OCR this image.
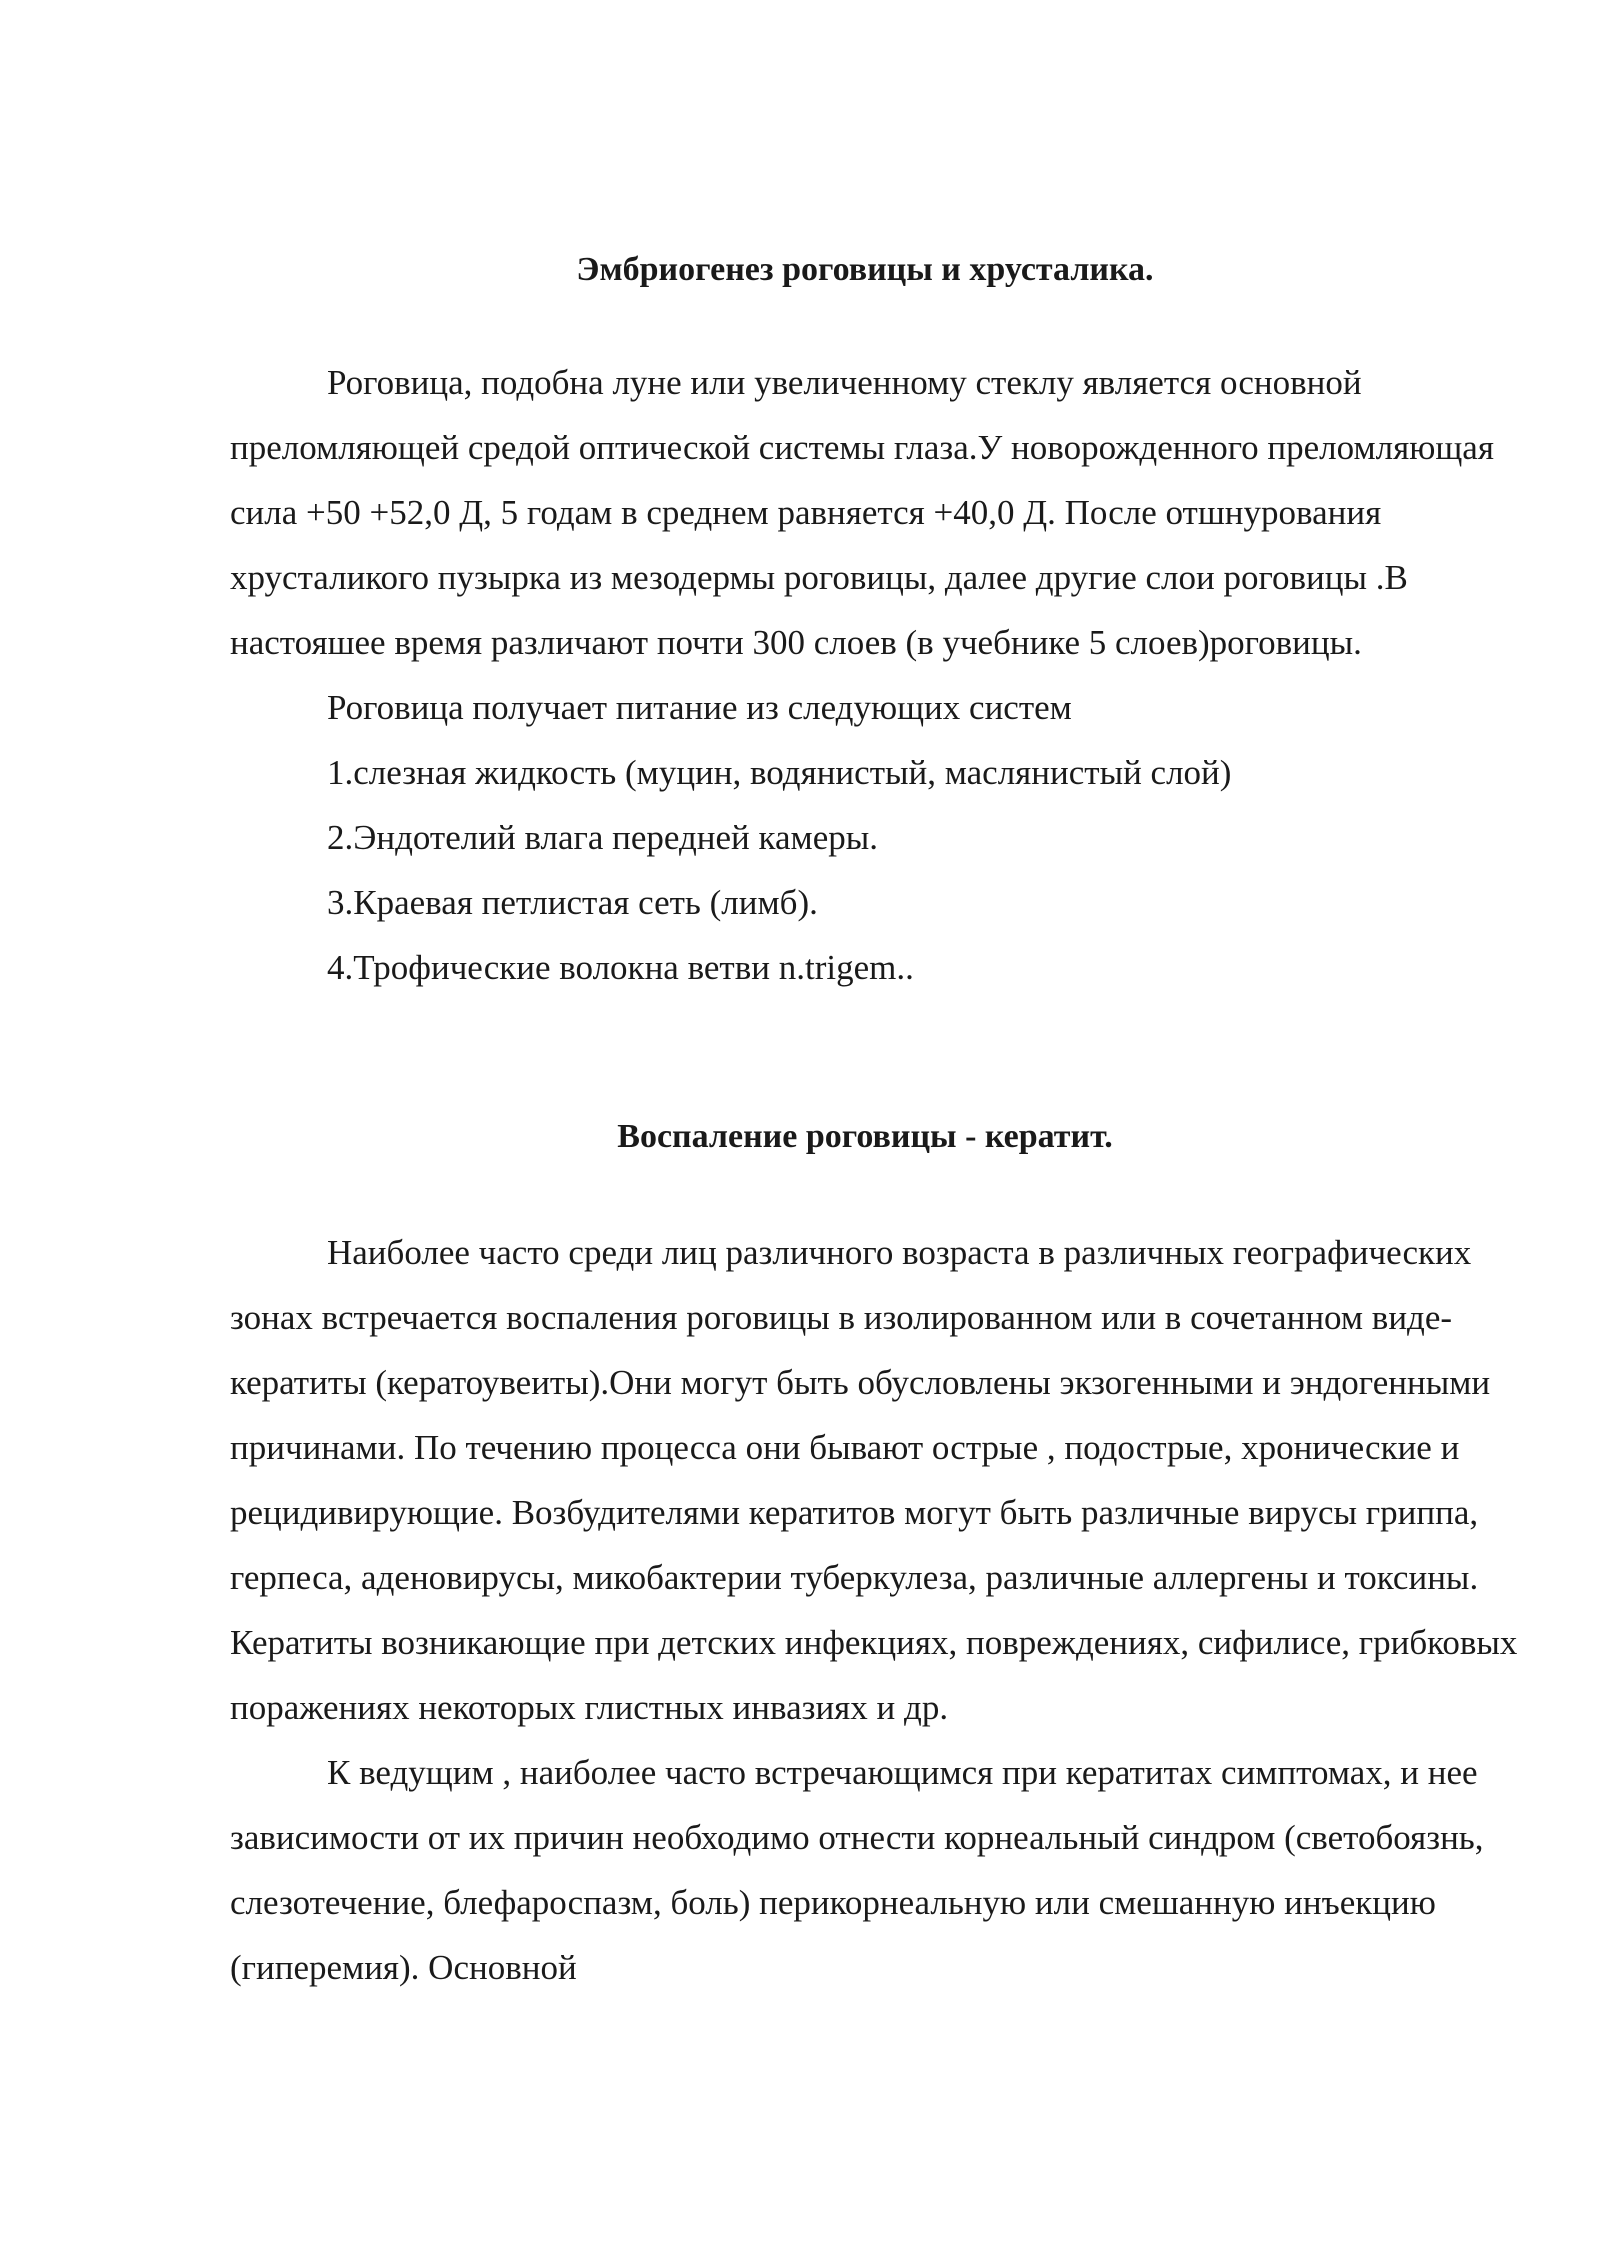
Эмбриогенез роговицы и хрусталика.

Роговица, подобна луне или увеличенному стеклу является основной преломляющей средой оптической системы глаза.У новорожденного преломляющая сила +50 +52,0 Д, 5 годам в среднем равняется +40,0 Д. После отшнурования хрусталикого пузырка из мезодермы роговицы, далее другие слои роговицы .В настояшее время различают почти 300 слоев (в учебнике 5 слоев)роговицы.

Роговица получает питание из следующих систем

1.слезная жидкость (муцин, водянистый, маслянистый слой)

2.Эндотелий влага передней камеры.

3.Краевая петлистая сеть (лимб).

4.Трофические волокна ветви n.trigem..

Воспаление роговицы - кератит.

Наиболее часто среди лиц различного возраста в различных географических зонах встречается воспаления роговицы в изолированном или в сочетанном виде-кератиты (кератоувеиты).Они могут быть обусловлены экзогенными и эндогенными причинами. По течению процесса они бывают острые , подострые, хронические и рецидивирующие. Возбудителями кератитов могут быть различные вирусы гриппа, герпеса, аденовирусы, микобактерии туберкулеза, различные аллергены и токсины. Кератиты возникающие при детских инфекциях, повреждениях, сифилисе, грибковых поражениях некоторых глистных инвазиях и др.

К ведущим , наиболее часто встречающимся при кератитах симптомах, и нее зависимости от их причин необходимо отнести корнеальный синдром (светобоязнь, слезотечение, блефароспазм, боль) перикорнеальную или смешанную инъекцию (гиперемия). Основной
